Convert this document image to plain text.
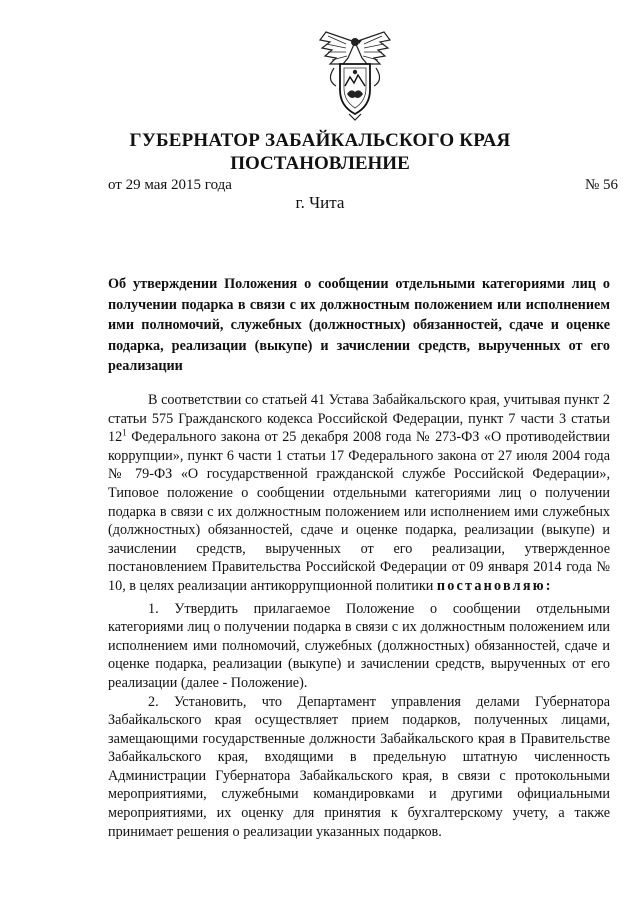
ГУБЕРНАТОР ЗАБАЙКАЛЬСКОГО КРАЯ
ПОСТАНОВЛЕНИЕ
от 29 мая 2015 года	№ 56
г. Чита

Об утверждении Положения о сообщении отдельными категориями лиц о получении подарка в связи с их должностным положением или исполнением ими полномочий, служебных (должностных) обязанностей, сдаче и оценке подарка, реализации (выкупе) и зачислении средств, вырученных от его реализации

В соответствии со статьей 41 Устава Забайкальского края, учитывая пункт 2 статьи 575 Гражданского кодекса Российской Федерации, пункт 7 части 3 статьи $12^1$ Федерального закона от 25 декабря 2008 года № 273-ФЗ «О противодействии коррупции», пункт 6 части 1 статьи 17 Федерального закона от 27 июля 2004 года № 79-ФЗ «О государственной гражданской службе Российской Федерации», Типовое положение о сообщении отдельными категориями лиц о получении подарка в связи с их должностным положением или исполнением ими служебных (должностных) обязанностей, сдаче и оценке подарка, реализации (выкупе) и зачислении средств, вырученных от его реализации, утвержденное постановлением Правительства Российской Федерации от 09 января 2014 года № 10, в целях реализации антикоррупционной политики постановляю:

1. Утвердить прилагаемое Положение о сообщении отдельными категориями лиц о получении подарка в связи с их должностным положением или исполнением ими полномочий, служебных (должностных) обязанностей, сдаче и оценке подарка, реализации (выкупе) и зачислении средств, вырученных от его реализации (далее - Положение).

2. Установить, что Департамент управления делами Губернатора Забайкальского края осуществляет прием подарков, полученных лицами, замещающими государственные должности Забайкальского края в Правительстве Забайкальского края, входящими в предельную штатную численность Администрации Губернатора Забайкальского края, в связи с протокольными мероприятиями, служебными командировками и другими официальными мероприятиями, их оценку для принятия к бухгалтерскому учету, а также принимает решения о реализации указанных подарков.
